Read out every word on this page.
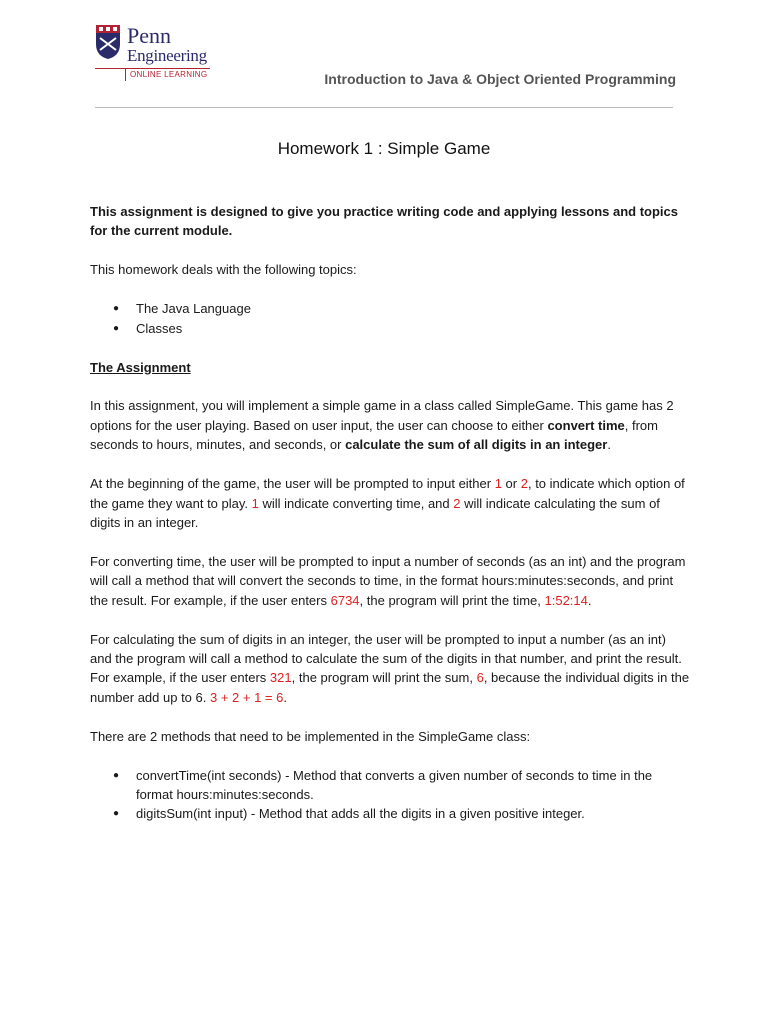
Penn
Engineering
ONLINE LEARNING	Introduction to Java & Object Oriented Programming
Homework 1 : Simple Game

This assignment is designed to give you practice writing code and applying lessons and topics for the current module.

This homework deals with the following topics:

● The Java Language
● Classes

The Assignment

In this assignment, you will implement a simple game in a class called SimpleGame. This game has 2 options for the user playing. Based on user input, the user can choose to either convert time, from seconds to hours, minutes, and seconds, or calculate the sum of all digits in an integer.

At the beginning of the game, the user will be prompted to input either 1 or 2, to indicate which option of the game they want to play. 1 will indicate converting time, and 2 will indicate calculating the sum of digits in an integer.

For converting time, the user will be prompted to input a number of seconds (as an int) and the program will call a method that will convert the seconds to time, in the format hours:minutes:seconds, and print the result. For example, if the user enters 6734, the program will print the time, 1:52:14.

For calculating the sum of digits in an integer, the user will be prompted to input a number (as an int) and the program will call a method to calculate the sum of the digits in that number, and print the result. For example, if the user enters 321, the program will print the sum, 6, because the individual digits in the number add up to 6. 3 + 2 + 1 = 6.

There are 2 methods that need to be implemented in the SimpleGame class:

● convertTime(int seconds) - Method that converts a given number of seconds to time in the format hours:minutes:seconds.
● digitsSum(int input) - Method that adds all the digits in a given positive integer.
